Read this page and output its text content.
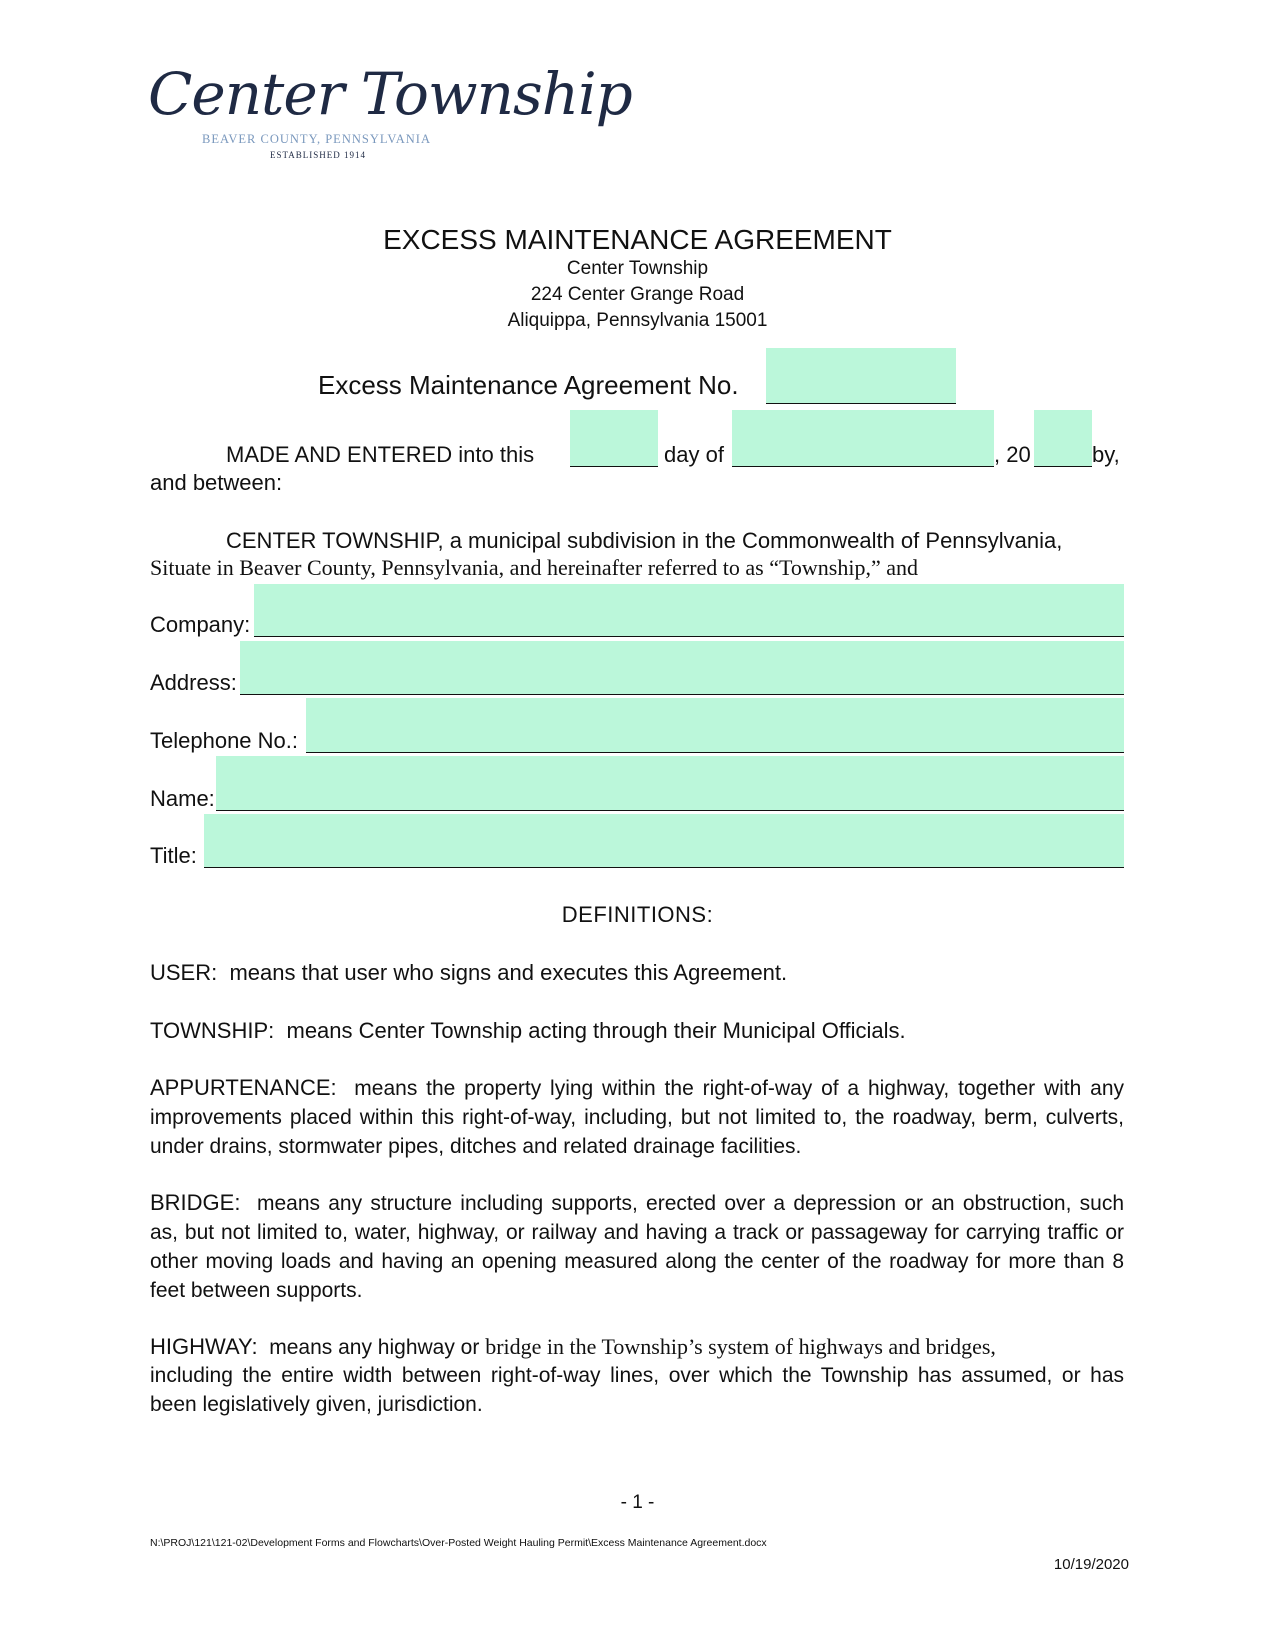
Center Township
BEAVER COUNTY, PENNSYLVANIA
ESTABLISHED 1914
EXCESS MAINTENANCE AGREEMENT
Center Township
224 Center Grange Road
Aliquippa, Pennsylvania 15001
Excess Maintenance Agreement No.
MADE AND ENTERED into this	day of	, 20	by,
and between:
CENTER TOWNSHIP, a municipal subdivision in the Commonwealth of Pennsylvania,
Situate in Beaver County, Pennsylvania, and hereinafter referred to as “Township,” and
Company:
Address:
Telephone No.:
Name:
Title:
DEFINITIONS:
USER: means that user who signs and executes this Agreement.
TOWNSHIP: means Center Township acting through their Municipal Officials.
APPURTENANCE: means the property lying within the right-of-way of a highway, together with any improvements placed within this right-of-way, including, but not limited to, the roadway, berm, culverts, under drains, stormwater pipes, ditches and related drainage facilities.
BRIDGE: means any structure including supports, erected over a depression or an obstruction, such as, but not limited to, water, highway, or railway and having a track or passageway for carrying traffic or other moving loads and having an opening measured along the center of the roadway for more than 8 feet between supports.
HIGHWAY: means any highway or bridge in the Township’s system of highways and bridges,
including the entire width between right-of-way lines, over which the Township has assumed, or has been legislatively given, jurisdiction.
- 1 -
N:\PROJ\121\121-02\Development Forms and Flowcharts\Over-Posted Weight Hauling Permit\Excess Maintenance Agreement.docx
10/19/2020
